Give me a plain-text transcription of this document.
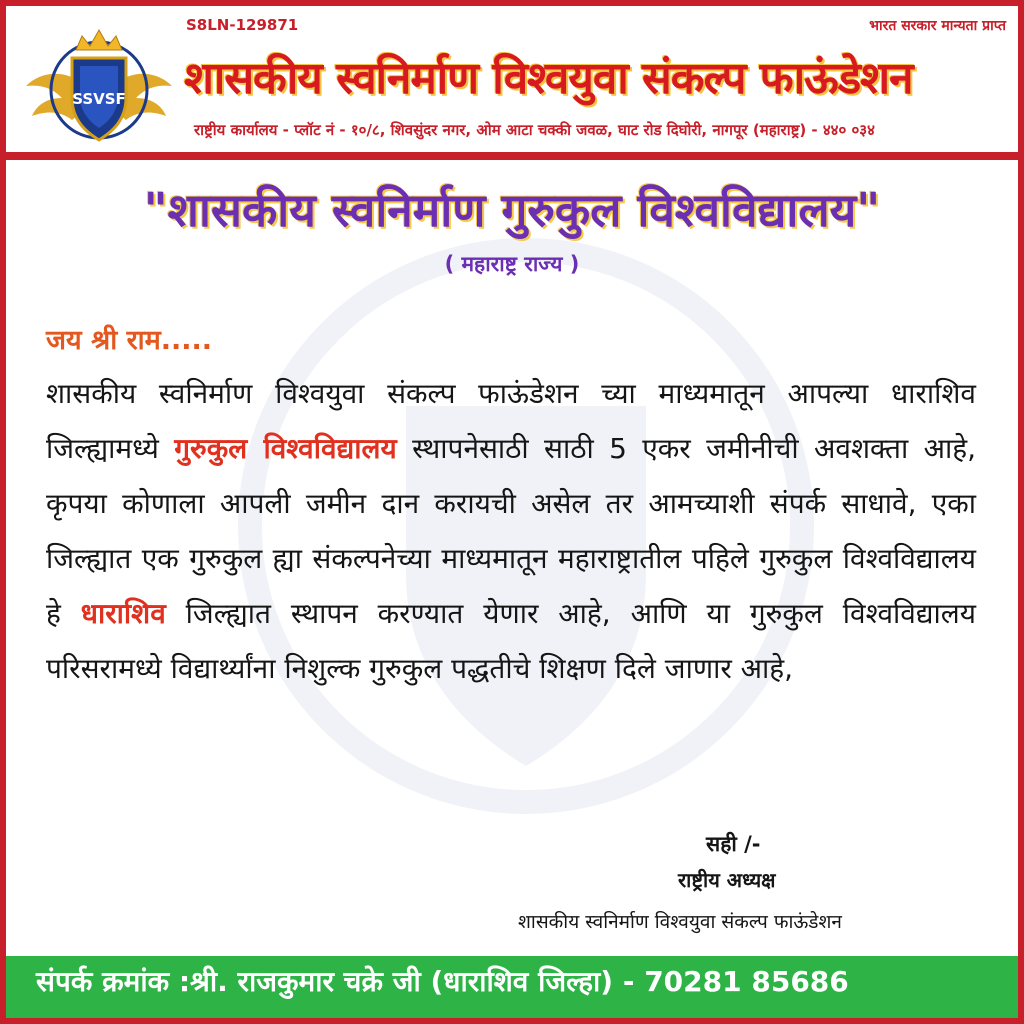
SSVSF
S8LN-129871	भारत सरकार मान्यता प्राप्त
शासकीय स्वनिर्माण विश्वयुवा संकल्प फाऊंडेशन
राष्ट्रीय कार्यालय - प्लॉट नं - १०/८, शिवसुंदर नगर, ओम आटा चक्की जवळ, घाट रोड दिघोरी, नागपूर (महाराष्ट्र) - ४४० ०३४
"शासकीय स्वनिर्माण गुरुकुल विश्वविद्यालय"
( महाराष्ट्र राज्य )
जय श्री राम.....
शासकीय स्वनिर्माण विश्वयुवा संकल्प फाऊंडेशन च्या माध्यमातून आपल्या धाराशिव जिल्ह्यामध्ये गुरुकुल विश्वविद्यालय स्थापनेसाठी साठी 5 एकर जमीनीची अवशक्ता आहे, कृपया कोणाला आपली जमीन दान करायची असेल तर आमच्याशी संपर्क साधावे, एका जिल्ह्यात एक गुरुकुल ह्या संकल्पनेच्या माध्यमातून महाराष्ट्रातील पहिले गुरुकुल विश्वविद्यालय हे धाराशिव जिल्ह्यात स्थापन करण्यात येणार आहे, आणि या गुरुकुल विश्वविद्यालय परिसरामध्ये विद्यार्थ्यांना निशुल्क गुरुकुल पद्धतीचे शिक्षण दिले जाणार आहे,
सही /-
राष्ट्रीय अध्यक्ष
शासकीय स्वनिर्माण विश्वयुवा संकल्प फाऊंडेशन
संपर्क क्रमांक :श्री. राजकुमार चक्रे जी (धाराशिव जिल्हा) - 70281 85686
